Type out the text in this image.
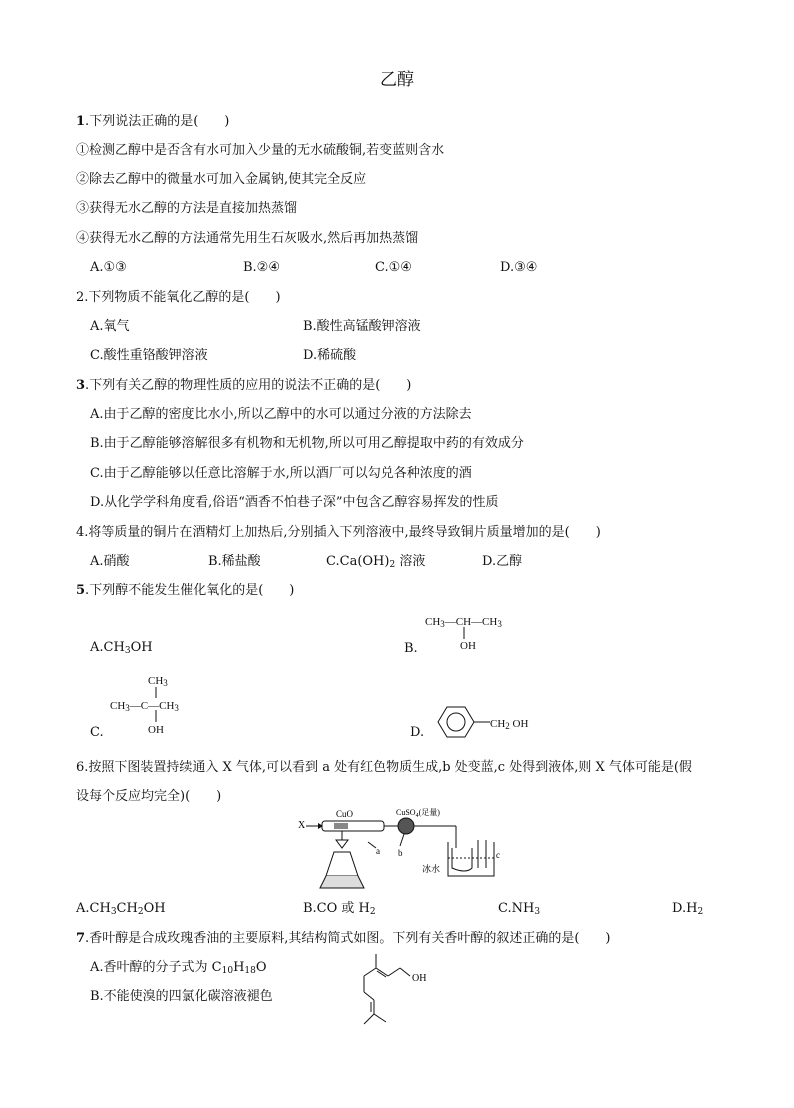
乙醇
1.下列说法正确的是(　　)
①检测乙醇中是否含有水可加入少量的无水硫酸铜,若变蓝则含水
②除去乙醇中的微量水可加入金属钠,使其完全反应
③获得无水乙醇的方法是直接加热蒸馏
④获得无水乙醇的方法通常先用生石灰吸水,然后再加热蒸馏
A.①③	B.②④	C.①④	D.③④
2.下列物质不能氧化乙醇的是(　　)
A.氧气	B.酸性高锰酸钾溶液
C.酸性重铬酸钾溶液	D.稀硫酸
3.下列有关乙醇的物理性质的应用的说法不正确的是(　　)
A.由于乙醇的密度比水小,所以乙醇中的水可以通过分液的方法除去
B.由于乙醇能够溶解很多有机物和无机物,所以可用乙醇提取中药的有效成分
C.由于乙醇能够以任意比溶解于水,所以酒厂可以勾兑各种浓度的酒
D.从化学学科角度看,俗语“酒香不怕巷子深”中包含乙醇容易挥发的性质
4.将等质量的铜片在酒精灯上加热后,分别插入下列溶液中,最终导致铜片质量增加的是(　　)
A.硝酸	B.稀盐酸	$C.Ca(OH)_2$ 溶液	D.乙醇
5.下列醇不能发生催化氧化的是(　　)
$A.CH_3OH$	B.
$CH_3—CH—CH_3$
OH
C.
$CH_3$
$CH_3—C—CH_3$
OH	D.
$CH_2$ OH
6.按照下图装置持续通入 X 气体,可以看到 a 处有红色物质生成,b 处变蓝,c 处得到液体,则 X 气体可能是(假
设每个反应均完全)(　　)
X
CuO	CuSO$_4$(足量)
a b	c
冰水
$A.CH_3CH_2OH$	B.CO 或 $H_2$	$C.NH_3$	$D.H_2$
7.香叶醇是合成玫瑰香油的主要原料,其结构简式如图。下列有关香叶醇的叙述正确的是(　　)
A.香叶醇的分子式为 $C_{10}H_{18}O$
B.不能使溴的四氯化碳溶液褪色
OH
